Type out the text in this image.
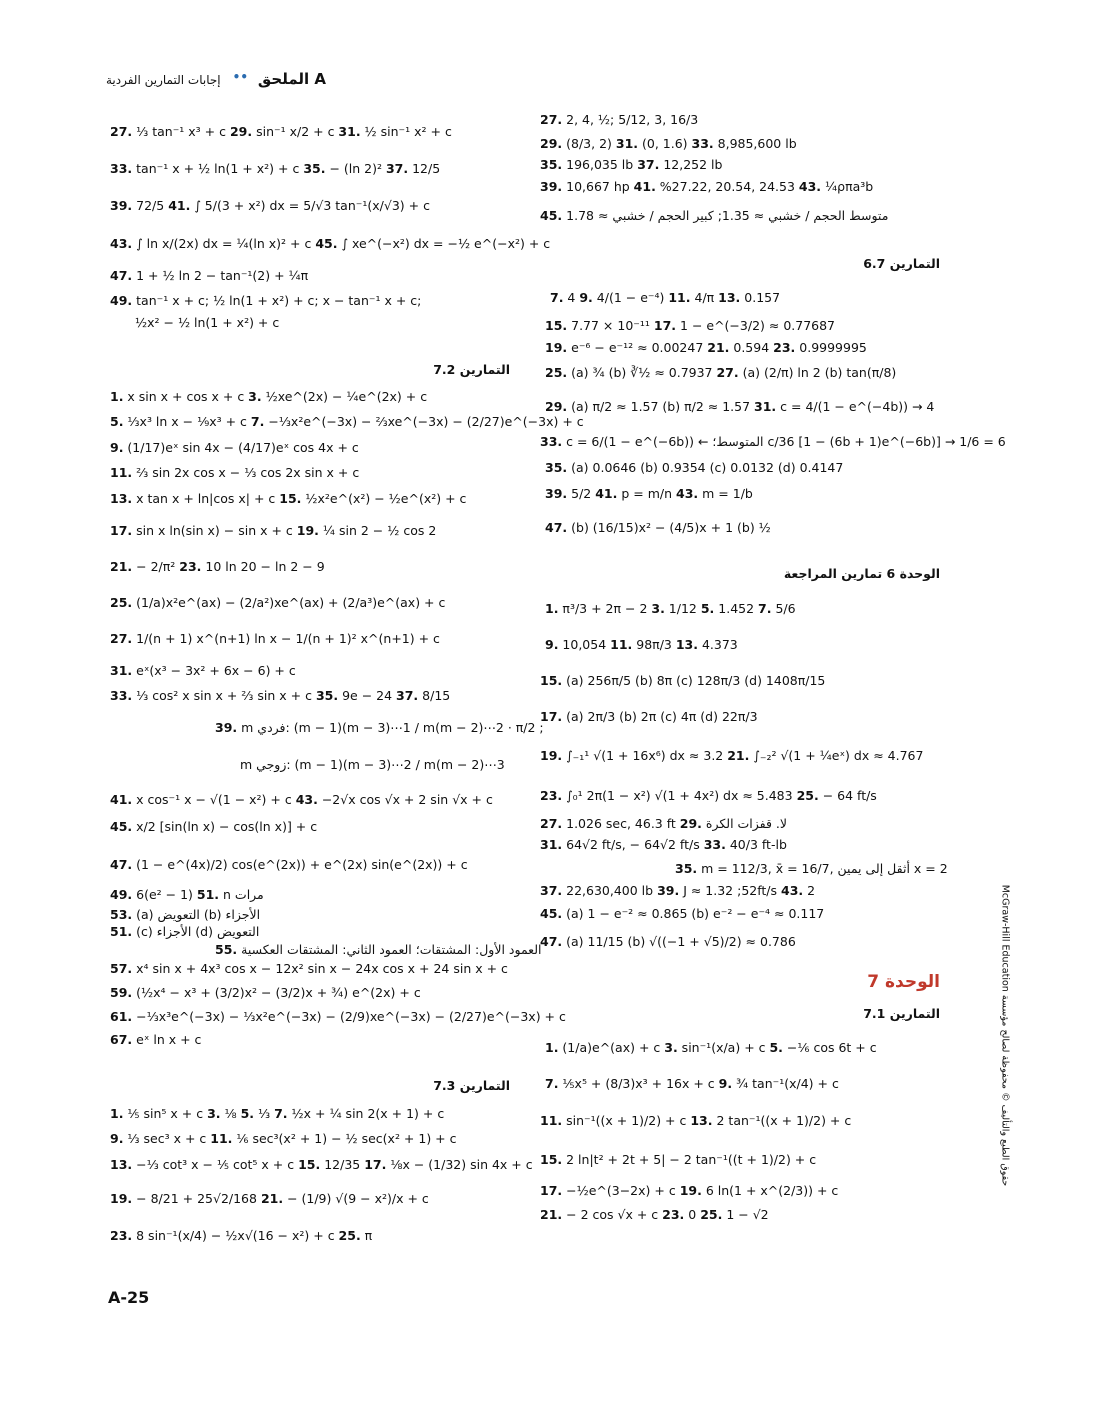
الملحق A
••
إجابات التمارين الفردية
27. ⅓ tan⁻¹ x³ + c 29. sin⁻¹ x/2 + c 31. ½ sin⁻¹ x² + c
33. tan⁻¹ x + ½ ln(1 + x²) + c 35. − (ln 2)² 37. 12/5
39. 72/5 41. ∫ 5/(3 + x²) dx = 5/√3 tan⁻¹(x/√3) + c
43. ∫ ln x/(2x) dx = ¼(ln x)² + c 45. ∫ xe^(−x²) dx = −½ e^(−x²) + c
47. 1 + ½ ln 2 − tan⁻¹(2) + ¼π
49. tan⁻¹ x + c; ½ ln(1 + x²) + c; x − tan⁻¹ x + c;
½x² − ½ ln(1 + x²) + c
التمارين 7.2
1. x sin x + cos x + c 3. ½xe^(2x) − ¼e^(2x) + c
5. ⅓x³ ln x − ⅑x³ + c 7. −⅓x²e^(−3x) − ⅔xe^(−3x) − (2/27)e^(−3x) + c
9. (1/17)eˣ sin 4x − (4/17)eˣ cos 4x + c
11. ⅔ sin 2x cos x − ⅓ cos 2x sin x + c
13. x tan x + ln|cos x| + c 15. ½x²e^(x²) − ½e^(x²) + c
17. sin x ln(sin x) − sin x + c 19. ¼ sin 2 − ½ cos 2
21. − 2/π² 23. 10 ln 20 − ln 2 − 9
25. (1/a)x²e^(ax) − (2/a²)xe^(ax) + (2/a³)e^(ax) + c
27. 1/(n + 1) x^(n+1) ln x − 1/(n + 1)² x^(n+1) + c
31. eˣ(x³ − 3x² + 6x − 6) + c
33. ⅓ cos² x sin x + ⅔ sin x + c 35. 9e − 24 37. 8/15
39. m فردي: (m − 1)(m − 3)⋯1 / m(m − 2)⋯2 · π/2 ;
m زوجي: (m − 1)(m − 3)⋯2 / m(m − 2)⋯3
41. x cos⁻¹ x − √(1 − x²) + c 43. −2√x cos √x + 2 sin √x + c
45. x/2 [sin(ln x) − cos(ln x)] + c
47. (1 − e^(4x)/2) cos(e^(2x)) + e^(2x) sin(e^(2x)) + c
49. 6(e² − 1) 51. n مرات
53. (a) التعويض (b) الأجزاء
51. (c) الأجزاء (d) التعويض
55. العمود الأول: المشتقات؛ العمود الثاني: المشتقات العكسية
57. x⁴ sin x + 4x³ cos x − 12x² sin x − 24x cos x + 24 sin x + c
59. (½x⁴ − x³ + (3/2)x² − (3/2)x + ¾) e^(2x) + c
61. −⅓x³e^(−3x) − ⅓x²e^(−3x) − (2/9)xe^(−3x) − (2/27)e^(−3x) + c
67. eˣ ln x + c
التمارين 7.3
1. ⅕ sin⁵ x + c 3. ⅛ 5. ⅓ 7. ½x + ¼ sin 2(x + 1) + c
9. ⅓ sec³ x + c 11. ⅙ sec³(x² + 1) − ½ sec(x² + 1) + c
13. −⅓ cot³ x − ⅕ cot⁵ x + c 15. 12/35 17. ⅛x − (1/32) sin 4x + c
19. − 8/21 + 25√2/168 21. − (1/9) √(9 − x²)/x + c
23. 8 sin⁻¹(x/4) − ½x√(16 − x²) + c 25. π
27. 2, 4, ½; 5/12, 3, 16/3
29. (8/3, 2) 31. (0, 1.6) 33. 8,985,600 lb
35. 196,035 lb 37. 12,252 lb
39. 10,667 hp 41. %27.22, 20.54, 24.53 43. ¼ρπa³b
45. متوسط الحجم / خشبي ≈ 1.35; كبير الحجم / خشبي ≈ 1.78
التمارين 6.7
7. 4 9. 4/(1 − e⁻⁴) 11. 4/π 13. 0.157
15. 7.77 × 10⁻¹¹ 17. 1 − e^(−3/2) ≈ 0.77687
19. e⁻⁶ − e⁻¹² ≈ 0.00247 21. 0.594 23. 0.9999995
25. (a) ¾ (b) ∛½ ≈ 0.7937 27. (a) (2/π) ln 2 (b) tan(π/8)
29. (a) π/2 ≈ 1.57 (b) π/2 ≈ 1.57 31. c = 4/(1 − e^(−4b)) → 4
33. c = 6/(1 − e^(−6b)) ← المتوسط؛ c/36 [1 − (6b + 1)e^(−6b)] → 1/6 = 6
35. (a) 0.0646 (b) 0.9354 (c) 0.0132 (d) 0.4147
39. 5/2 41. p = m/n 43. m = 1/b
47. (b) (16/15)x² − (4/5)x + 1 (b) ½
الوحدة 6 تمارين المراجعة
1. π³/3 + 2π − 2 3. 1/12 5. 1.452 7. 5/6
9. 10,054 11. 98π/3 13. 4.373
15. (a) 256π/5 (b) 8π (c) 128π/3 (d) 1408π/15
17. (a) 2π/3 (b) 2π (c) 4π (d) 22π/3
19. ∫₋₁¹ √(1 + 16x⁶) dx ≈ 3.2 21. ∫₋₂² √(1 + ¼eˣ) dx ≈ 4.767
23. ∫₀¹ 2π(1 − x²) √(1 + 4x²) dx ≈ 5.483 25. − 64 ft/s
27. 1.026 sec, 46.3 ft 29. لا. قفزات الكرة
31. 64√2 ft/s, − 64√2 ft/s 33. 40/3 ft-lb
35. m = 112/3, x̄ = 16/7, أثقل إلى يمين x = 2
37. 22,630,400 lb 39. J ≈ 1.32 ;52ft/s 43. 2
45. (a) 1 − e⁻² ≈ 0.865 (b) e⁻² − e⁻⁴ ≈ 0.117
47. (a) 11/15 (b) √((−1 + √5)/2) ≈ 0.786
الوحدة 7
التمارين 7.1
1. (1/a)e^(ax) + c 3. sin⁻¹(x/a) + c 5. −⅙ cos 6t + c
7. ⅕x⁵ + (8/3)x³ + 16x + c 9. ¾ tan⁻¹(x/4) + c
11. sin⁻¹((x + 1)/2) + c 13. 2 tan⁻¹((x + 1)/2) + c
15. 2 ln|t² + 2t + 5| − 2 tan⁻¹((t + 1)/2) + c
17. −½e^(3−2x) + c 19. 6 ln(1 + x^(2/3)) + c
21. − 2 cos √x + c 23. 0 25. 1 − √2
McGraw-Hill Education حقوق الطبع والتأليف © محفوظة لصالح مؤسسة
A-25
